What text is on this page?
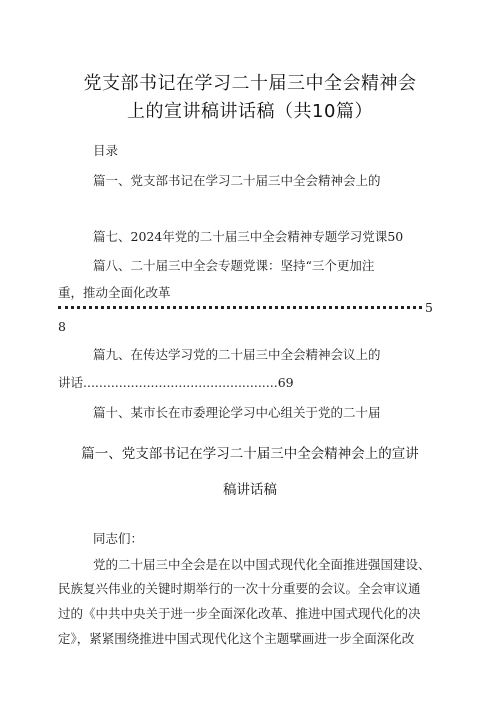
党支部书记在学习二十届三中全会精神会
上的宣讲稿讲话稿（共10篇）
目录
篇一、党支部书记在学习二十届三中全会精神会上的
篇七、2024年党的二十届三中全会精神专题学习党课50
篇八、二十届三中全会专题党课：坚持“三个更加注
重，推动全面化改革
5
8
篇九、在传达学习党的二十届三中全会精神会议上的
讲话.................................................69
篇十、某市长在市委理论学习中心组关于党的二十届
篇一、党支部书记在学习二十届三中全会精神会上的宣讲
稿讲话稿
同志们：
党的二十届三中全会是在以中国式现代化全面推进强国建设、
民族复兴伟业的关键时期举行的一次十分重要的会议。全会审议通
过的《中共中央关于进一步全面深化改革、推进中国式现代化的决
定》，紧紧围绕推进中国式现代化这个主题擘画进一步全面深化改
